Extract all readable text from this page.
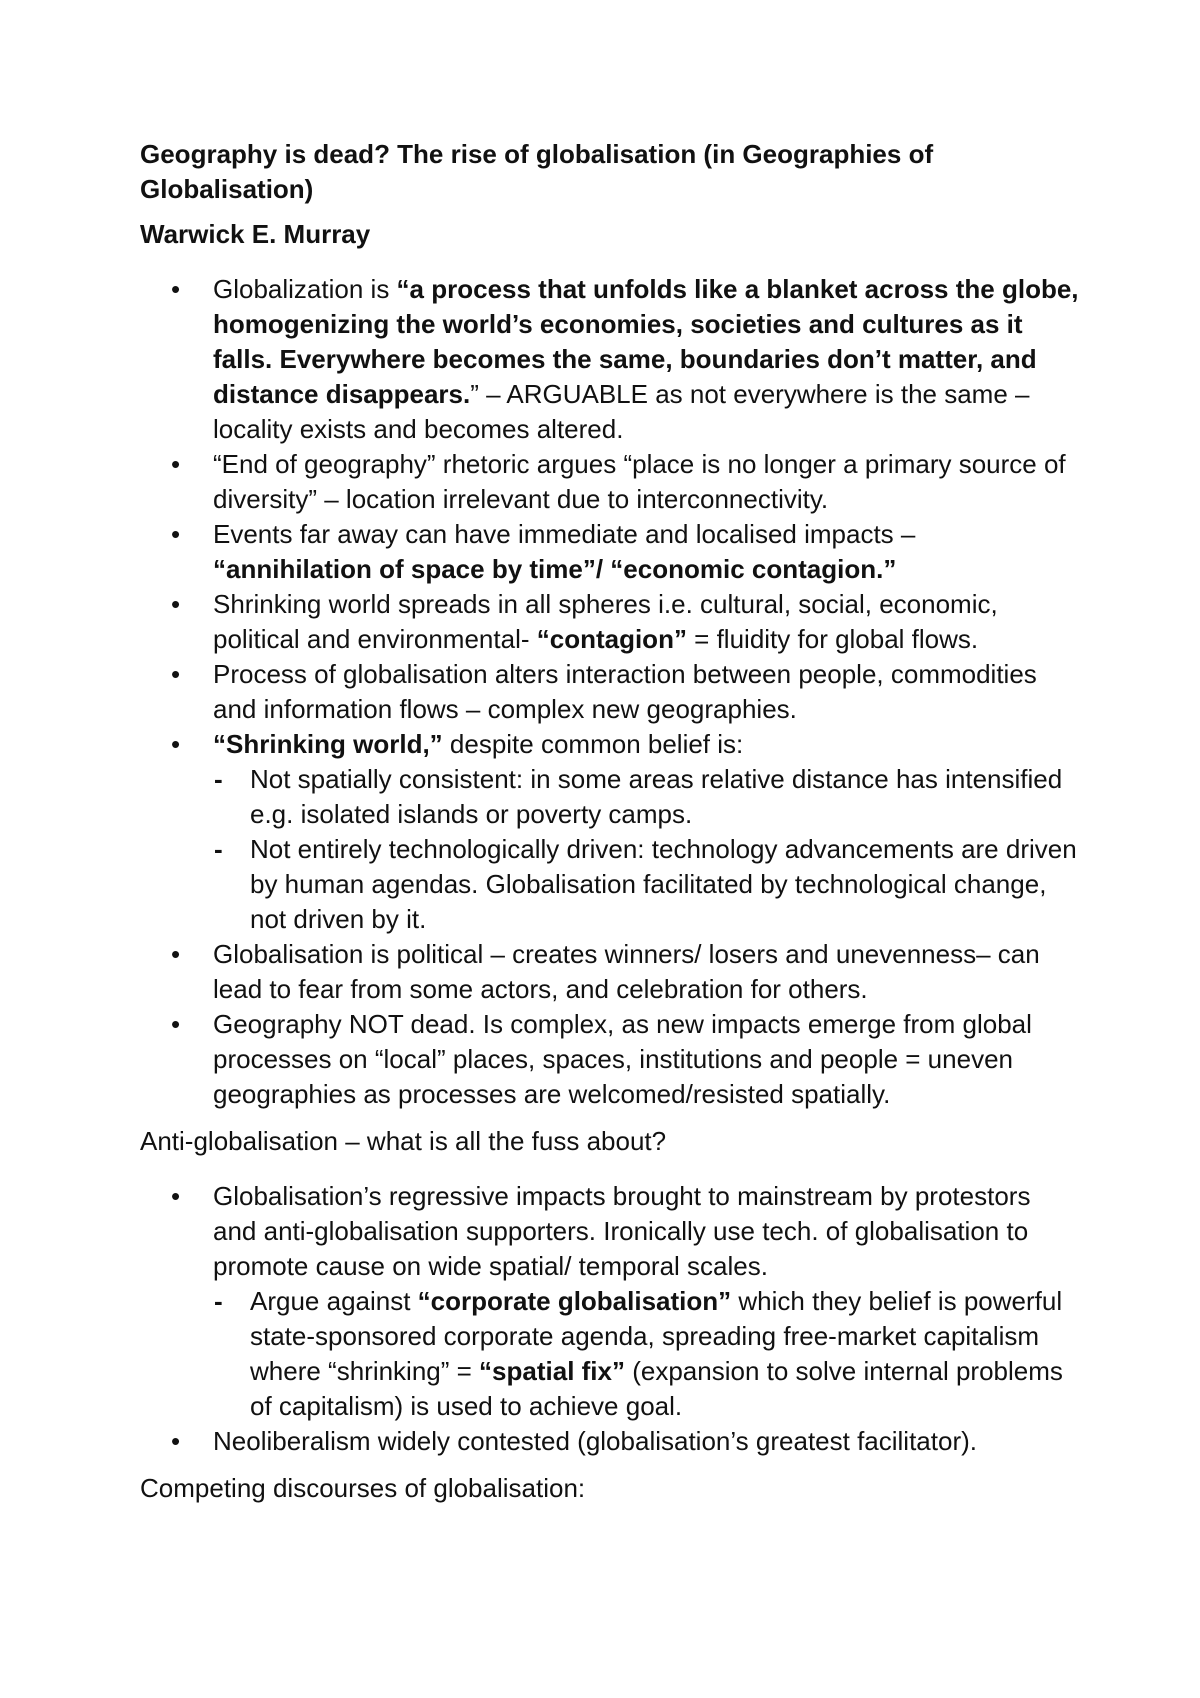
Geography is dead? The rise of globalisation (in Geographies of Globalisation)
Warwick E. Murray
• Globalization is “a process that unfolds like a blanket across the globe, homogenizing the world’s economies, societies and cultures as it falls. Everywhere becomes the same, boundaries don’t matter, and distance disappears.” – ARGUABLE as not everywhere is the same – locality exists and becomes altered.
• “End of geography” rhetoric argues “place is no longer a primary source of diversity” – location irrelevant due to interconnectivity.
• Events far away can have immediate and localised impacts – “annihilation of space by time”/ “economic contagion.”
• Shrinking world spreads in all spheres i.e. cultural, social, economic, political and environmental- “contagion” = fluidity for global flows.
• Process of globalisation alters interaction between people, commodities and information flows – complex new geographies.
• “Shrinking world,” despite common belief is:
- Not spatially consistent: in some areas relative distance has intensified e.g. isolated islands or poverty camps.
- Not entirely technologically driven: technology advancements are driven by human agendas. Globalisation facilitated by technological change, not driven by it.
• Globalisation is political – creates winners/ losers and unevenness– can lead to fear from some actors, and celebration for others.
• Geography NOT dead. Is complex, as new impacts emerge from global processes on “local” places, spaces, institutions and people = uneven geographies as processes are welcomed/resisted spatially.
Anti-globalisation – what is all the fuss about?
• Globalisation’s regressive impacts brought to mainstream by protestors and anti-globalisation supporters. Ironically use tech. of globalisation to promote cause on wide spatial/ temporal scales.
- Argue against “corporate globalisation” which they belief is powerful state-sponsored corporate agenda, spreading free-market capitalism where “shrinking” = “spatial fix” (expansion to solve internal problems of capitalism) is used to achieve goal.
• Neoliberalism widely contested (globalisation’s greatest facilitator).
Competing discourses of globalisation:
